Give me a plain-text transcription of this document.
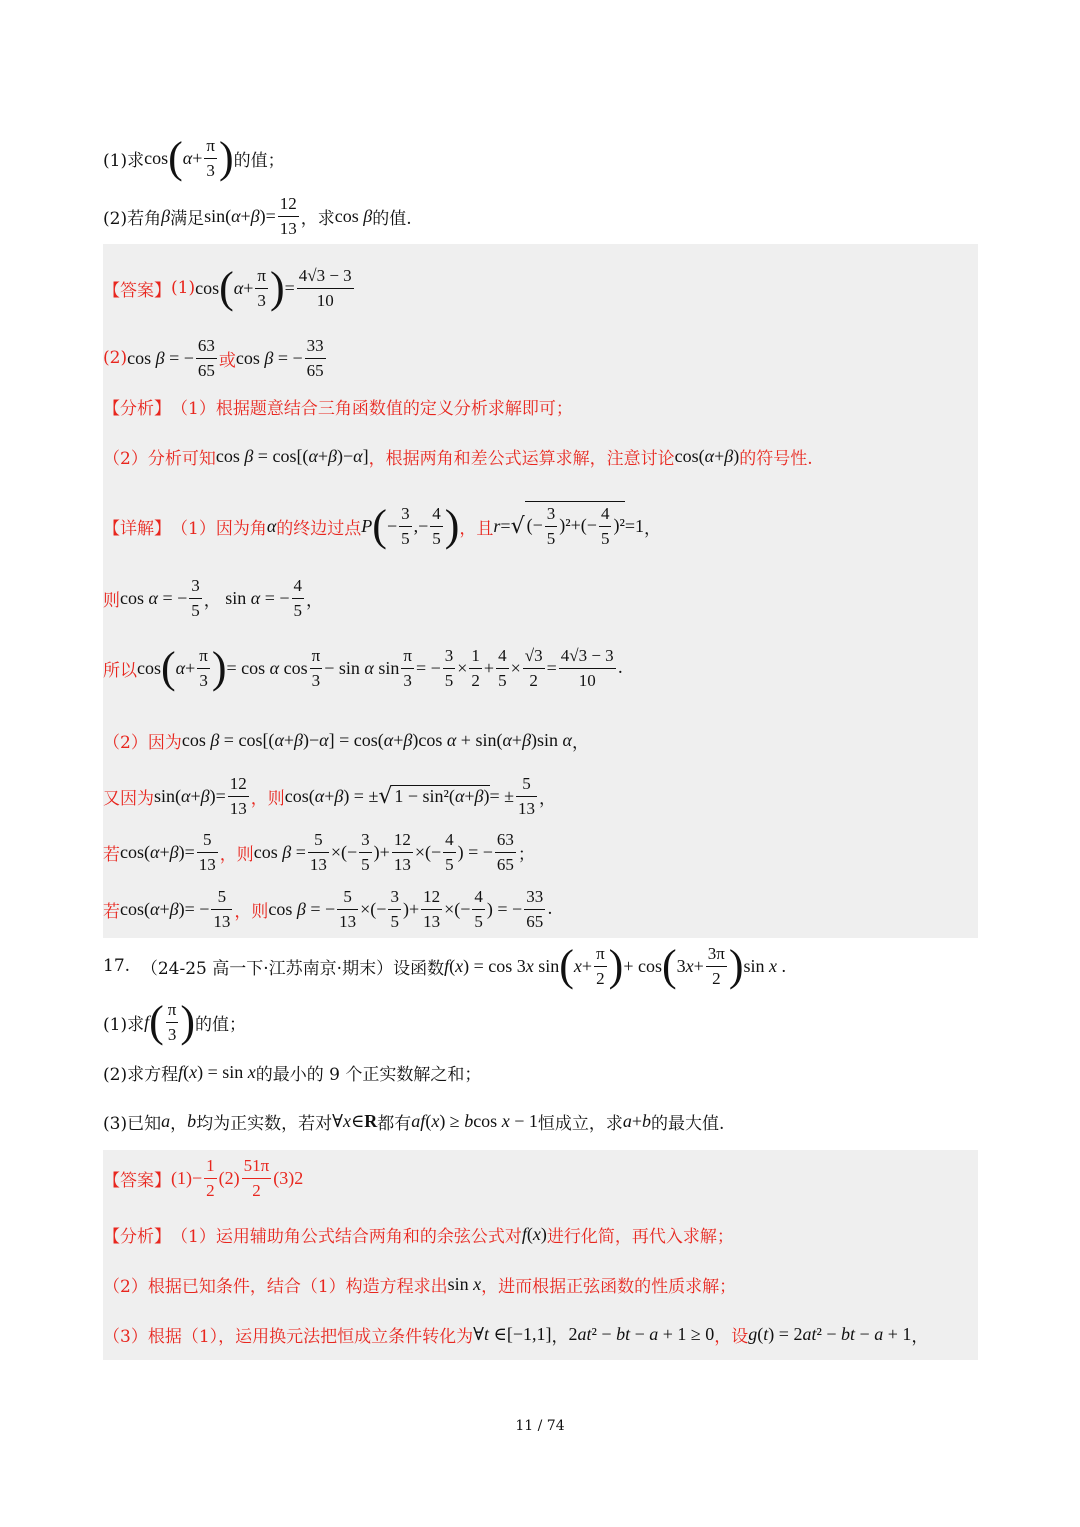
(1)求 cos ( $\alpha + \frac{\pi}{3}$ ) 的值；
(2)若角 β 满足 $\sin(\alpha+\beta)= \frac{12}{13}$ ，求 cos β 的值.
【答案】 (1) cos ( $\alpha + \frac{\pi}{3}$ ) = $\frac{4√3 - 3}{10}$
(2) cos β = − $\frac{63}{65}$ 或 cos β = − $\frac{33}{65}$
【分析】 （1）根据题意结合三角函数值的定义分析求解即可；
（2）分析可知 cos β = cos[(α+β)−α] ，根据两角和差公式运算求解，注意讨论 cos(α+β) 的符号性.
【详解】 （1）因为角 α 的终边过点 P ( − $\frac{3}{5}$ ,− $\frac{4}{5}$ ) ，且 r = √ (− $\frac{3}{5} )^2+(- \frac{4}{5} )^2 =1$ ，
则 cos α = − $\frac{3}{5}$ ， sin α = − $\frac{4}{5}$ ，
所以 cos ( $\alpha + \frac{\pi}{3}$ ) = cos α $\cos \frac{\pi}{3} - \sin \alpha$ $\sin \frac{\pi}{3}$ = − $\frac{3}{5} \times \frac{1}{2} + \frac{4}{5} \times \frac{√3}{2} = \frac{4√3 - 3}{10}$ .
（2）因为 cos β = cos[(α+β)−α] = cos(α+β)cos α + sin(α+β)sin α ，
又因为 $\sin(\alpha+\beta)= \frac{12}{13}$ ，则 cos(α+β) = ± √ 1 − sin²(α+β) = ± $\frac{5}{13}$ ，
若 $\cos(\alpha+\beta)= \frac{5}{13}$ ，则 $\cos \beta = \frac{5}{13}$ ×(− $\frac{3}{5}$ )+ $\frac{12}{13}$ ×(− $\frac{4}{5}$ ) = − $\frac{63}{65}$ ；
若 $\cos(\alpha+\beta)= - \frac{5}{13}$ ，则 cos β = − $\frac{5}{13}$ ×(− $\frac{3}{5}$ )+ $\frac{12}{13}$ ×(− $\frac{4}{5}$ ) = − $\frac{33}{65}$ .
17.
（24-25 高一下·江苏南京·期末）设函数 f(x) = cos 3x sin ( $x + \frac{\pi}{2}$ ) + cos ( $3x+ \frac{3\pi}{2}$ ) sin x .
(1)求 f ( $\frac{\pi}{3}$ ) 的值；
(2)求方程 f(x) = sin x 的最小的 9 个正实数解之和；
(3)已知 a ， b 均为正实数，若对 ∀x∈R 都有 af(x) ≥ bcos x − 1 恒成立，求 a+b 的最大值.
【答案】 $(1)- \frac{1}{2} (2) \frac{51\pi}{2} (3)2$
【分析】 （1）运用辅助角公式结合两角和的余弦公式对 f(x) 进行化简，再代入求解；
（2）根据已知条件，结合（1）构造方程求出 sin x ，进而根据正弦函数的性质求解；
（3）根据（1），运用换元法把恒成立条件转化为 ∀t ∈[−1,1] ， 2at² − bt − a + 1 ≥ 0 ，设 g(t) = 2at² − bt − a + 1 ，
11 / 74
